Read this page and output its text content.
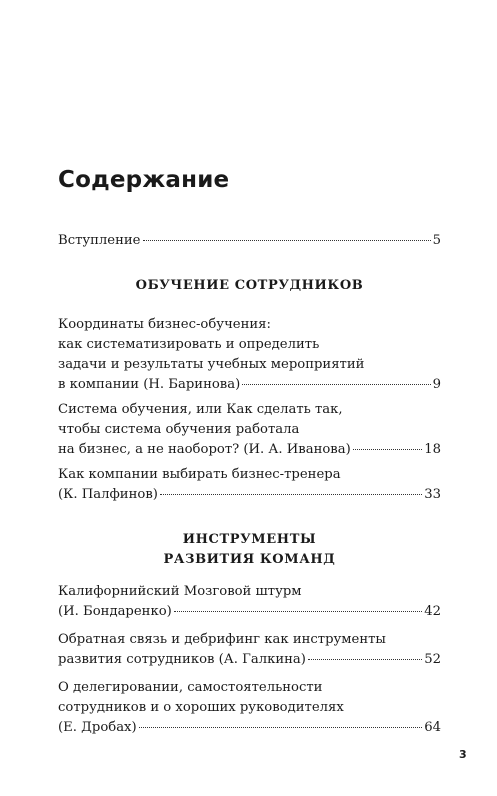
Содержание
Вступление	5
ОБУЧЕНИЕ СОТРУДНИКОВ
Координаты бизнес-обучения:
как систематизировать и определить
задачи и результаты учебных мероприятий
в компании (Н. Баринова)	9
Система обучения, или Как сделать так,
чтобы система обучения работала
на бизнес, а не наоборот? (И. А. Иванова)	18
Как компании выбирать бизнес-тренера
(К. Палфинов)	33
ИНСТРУМЕНТЫ
РАЗВИТИЯ КОМАНД
Калифорнийский Мозговой штурм
(И. Бондаренко)	42
Обратная связь и дебрифинг как инструменты
развития сотрудников (А. Галкина)	52
О делегировании, самостоятельности
сотрудников и о хороших руководителях
(Е. Дробах)	64
3
